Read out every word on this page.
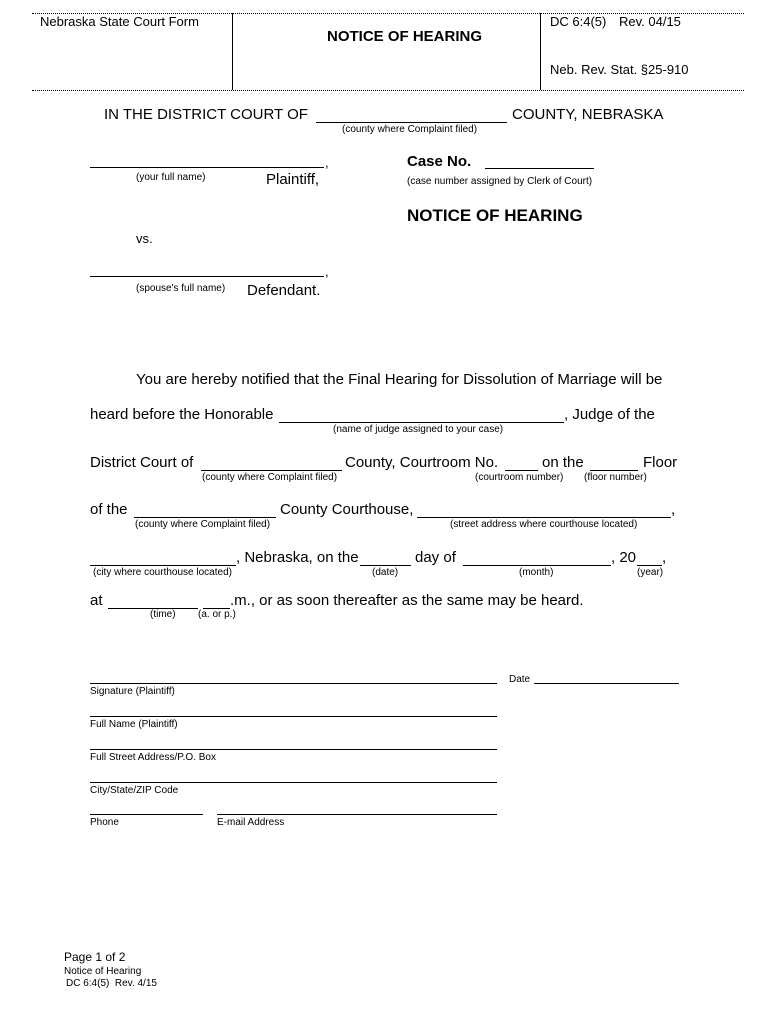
Nebraska State Court Form
NOTICE OF HEARING
DC 6:4(5) Rev. 04/15
Neb. Rev. Stat. §25-910
IN THE DISTRICT COURT OF	COUNTY, NEBRASKA
(county where Complaint filed)
,
(your full name)	Plaintiff,
vs.
,
(spouse's full name) Defendant.
Case No.
(case number assigned by Clerk of Court)
NOTICE OF HEARING
You are hereby notified that the Final Hearing for Dissolution of Marriage will be
heard before the Honorable	, Judge of the
(name of judge assigned to your case)
District Court of	County, Courtroom No.	on the	Floor
(county where Complaint filed)	(courtroom number) (floor number)
of the	County Courthouse,	,
(county where Complaint filed)	(street address where courthouse located)
, Nebraska, on the	day of	, 20 ,
(city where courthouse located)	(date)	(month)	(year)
at	.m., or as soon thereafter as the same may be heard.
(time) (a. or p.)
Signature (Plaintiff)
Date
Full Name (Plaintiff)
Full Street Address/P.O. Box
City/State/ZIP Code
Phone	E-mail Address
Page 1 of 2
Notice of Hearing
DC 6:4(5)  Rev. 4/15
